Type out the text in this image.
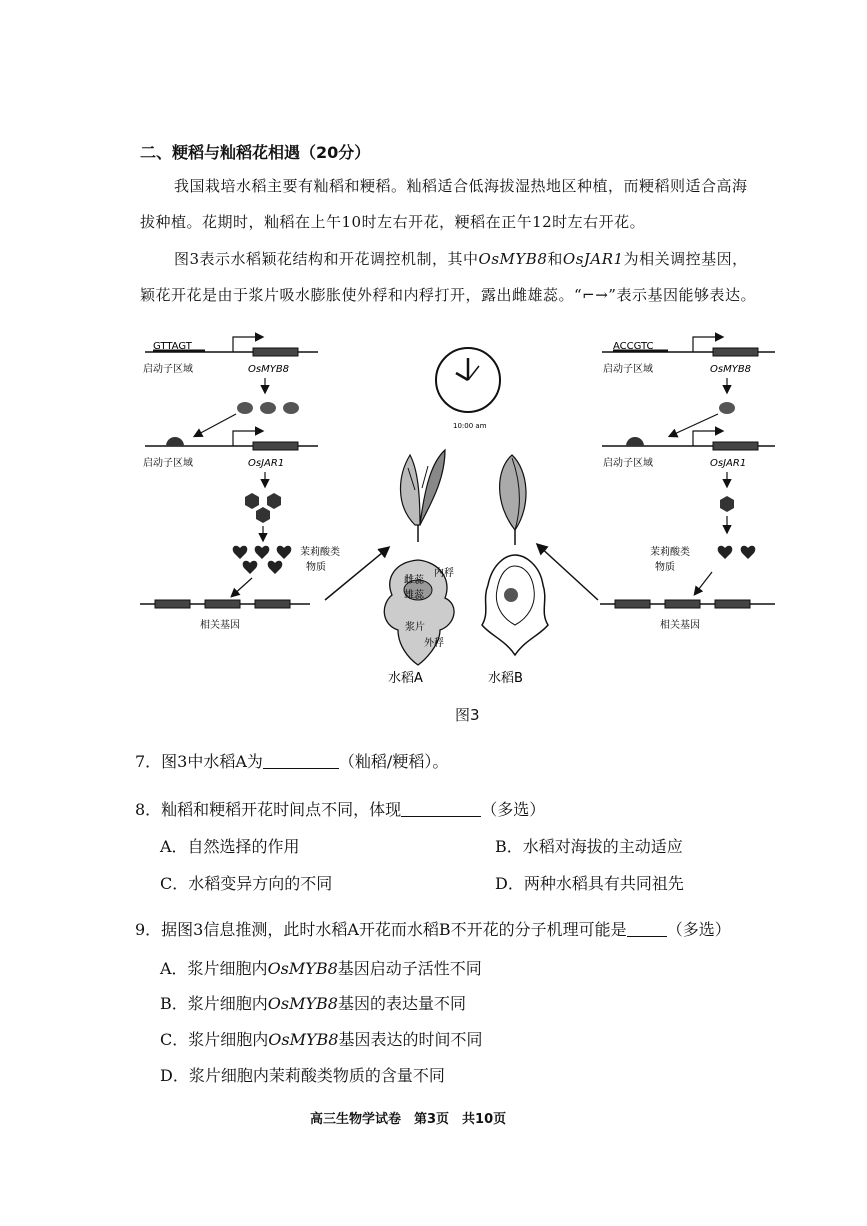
二、粳稻与籼稻花相遇（20分）
我国栽培水稻主要有籼稻和粳稻。籼稻适合低海拔湿热地区种植，而粳稻则适合高海
拔种植。花期时，籼稻在上午10时左右开花，粳稻在正午12时左右开花。
图3表示水稻颖花结构和开花调控机制，其中OsMYB8和OsJAR1为相关调控基因，
颖花开花是由于浆片吸水膨胀使外稃和内稃打开，露出雌雄蕊。“⌐→”表示基因能够表达。
GTTAGT
启动子区域	OsMYB8
启动子区域	OsJAR1
茉莉酸类
物质
相关基因
10:00 am
雌蕊
雄蕊
内稃
浆片
外稃
水稻A	水稻B
ACCGTC
启动子区域	OsMYB8
启动子区域	OsJAR1
茉莉酸类
物质
相关基因
图3
7．图3中水稻A为	（籼稻/粳稻）。
8．籼稻和粳稻开花时间点不同，体现	（多选）
A．自然选择的作用	B．水稻对海拔的主动适应
C．水稻变异方向的不同	D．两种水稻具有共同祖先
9．据图3信息推测，此时水稻A开花而水稻B不开花的分子机理可能是	（多选）
A．浆片细胞内OsMYB8基因启动子活性不同
B．浆片细胞内OsMYB8基因的表达量不同
C．浆片细胞内OsMYB8基因表达的时间不同
D．浆片细胞内茉莉酸类物质的含量不同
高三生物学试卷　第3页　共10页
